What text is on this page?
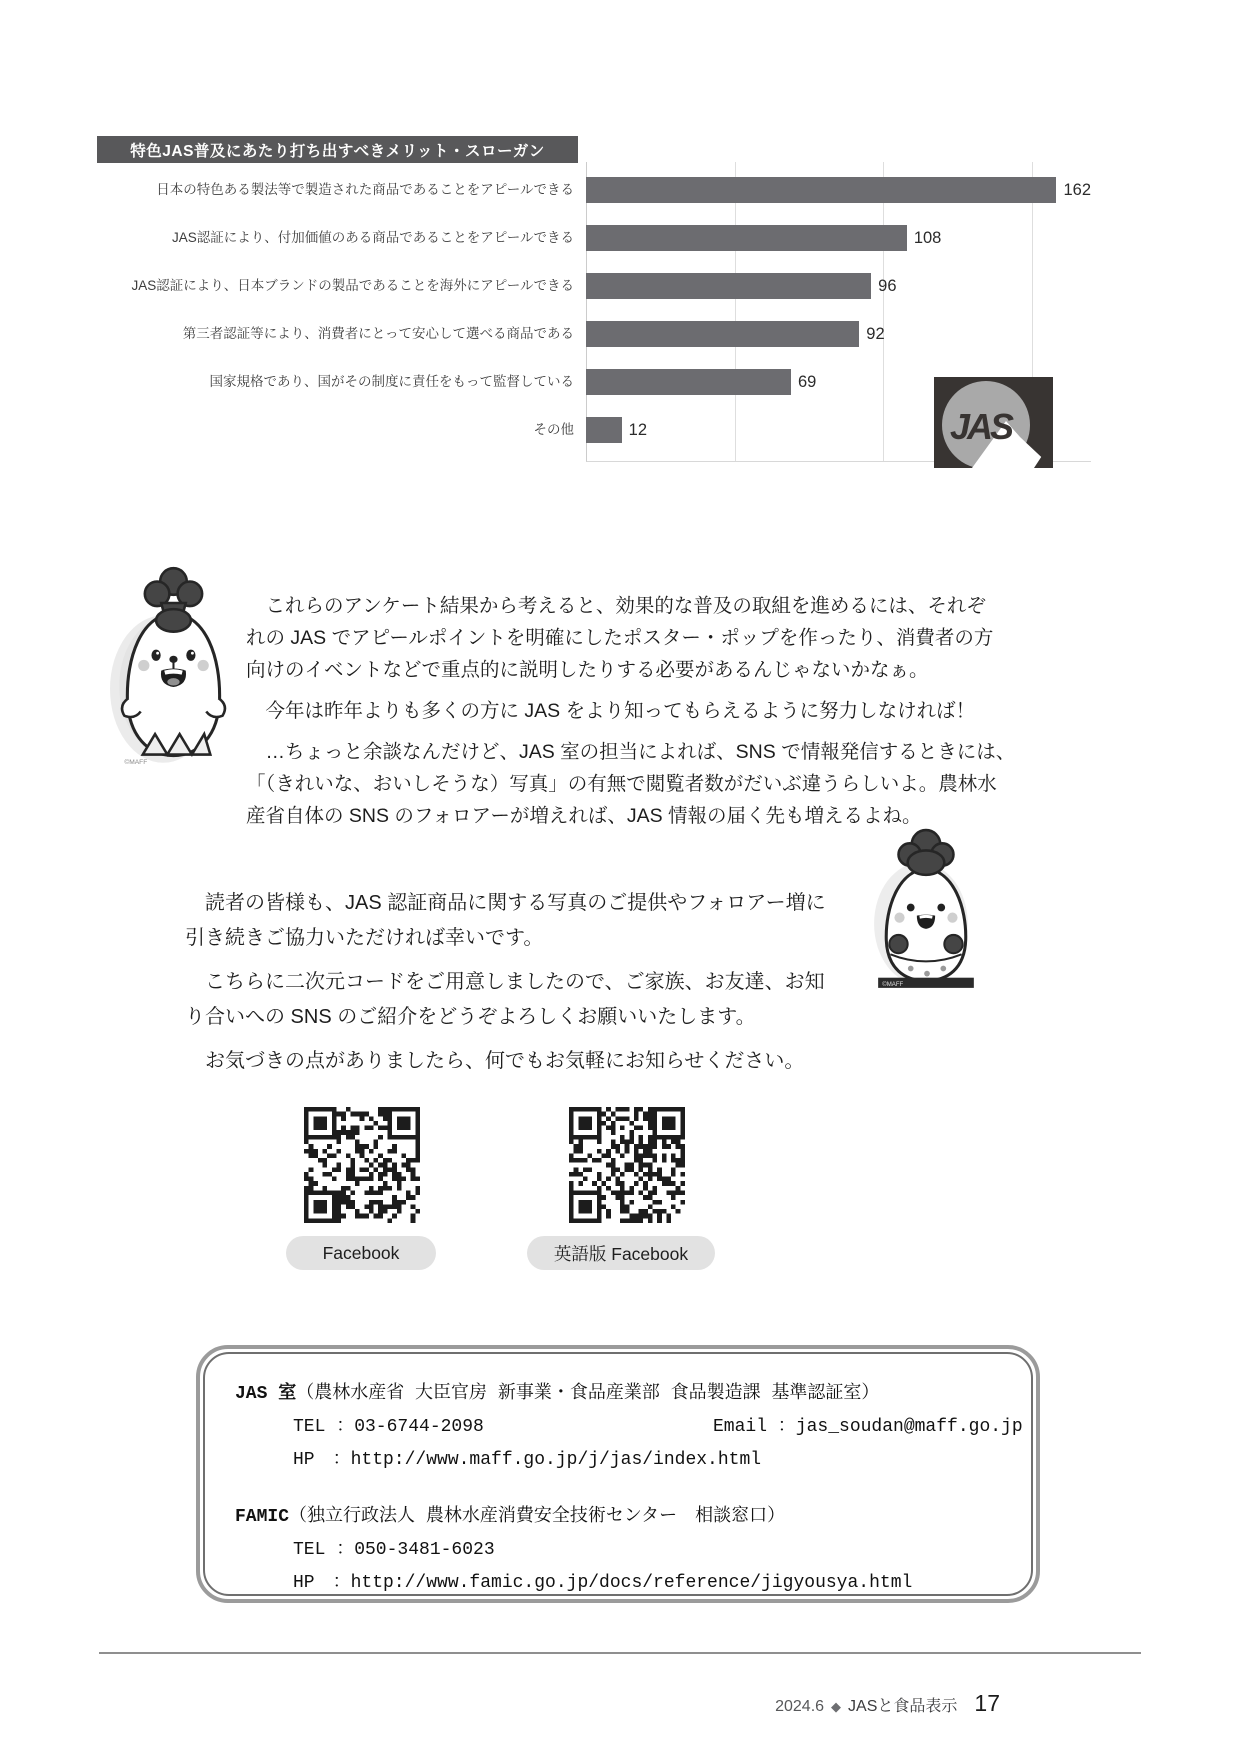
特色JAS普及にあたり打ち出すべきメリット・スローガン
日本の特色ある製法等で製造された商品であることをアピールできる	162
JAS認証により、付加価値のある商品であることをアピールできる	108
JAS認証により、日本ブランドの製品であることを海外にアピールできる	96
第三者認証等により、消費者にとって安心して選べる商品である	92
国家規格であり、国がその制度に責任をもって監督している	69
その他	12	JAS
©MAFF
　これらのアンケート結果から考えると、効果的な普及の取組を進めるには、それぞ
れの JAS でアピールポイントを明確にしたポスター・ポップを作ったり、消費者の方
向けのイベントなどで重点的に説明したりする必要があるんじゃないかなぁ。
　今年は昨年よりも多くの方に JAS をより知ってもらえるように努力しなければ！
　…ちょっと余談なんだけど、JAS 室の担当によれば、SNS で情報発信するときには、
「（きれいな、おいしそうな）写真」の有無で閲覧者数がだいぶ違うらしいよ。農林水
産省自体の SNS のフォロアーが増えれば、JAS 情報の届く先も増えるよね。
©MAFF
　読者の皆様も、JAS 認証商品に関する写真のご提供やフォロアー増に
引き続きご協力いただければ幸いです。
　こちらに二次元コードをご用意しましたので、ご家族、お友達、お知
り合いへの SNS のご紹介をどうぞよろしくお願いいたします。
　お気づきの点がありましたら、何でもお気軽にお知らせください。
Facebook	英語版 Facebook
JAS 室（農林水産省 大臣官房 新事業・食品産業部 食品製造課 基準認証室）
TEL ：03-6744-2098	Email ：jas_soudan@maff.go.jp
HP　：http://www.maff.go.jp/j/jas/index.html
FAMIC（独立行政法人 農林水産消費安全技術センター　相談窓口）
TEL ：050-3481-6023
HP　：http://www.famic.go.jp/docs/reference/jigyousya.html
2024.6 ◆ JASと食品表示 17
